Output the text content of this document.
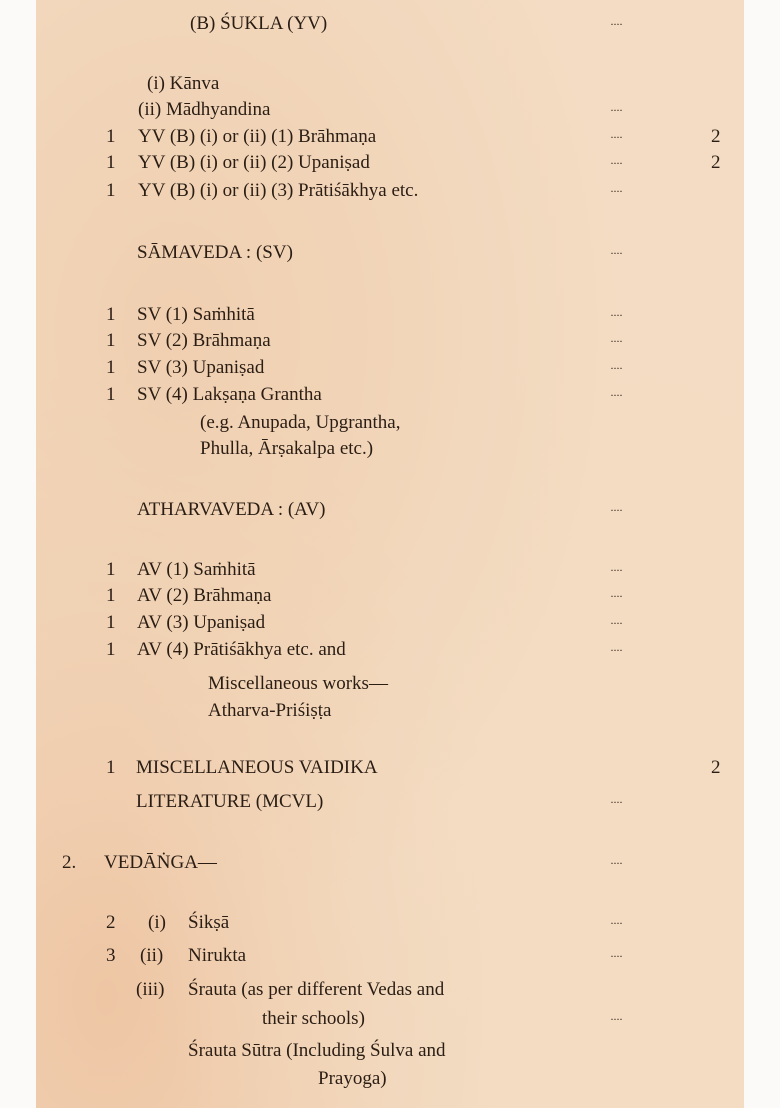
(B) ŚUKLA (YV)	····
(i) Kānva
(ii) Mādhyandina	····
1 YV (B) (i) or (ii) (1) Brāhmaṇa	····	2
1 YV (B) (i) or (ii) (2) Upaniṣad	····	2
1 YV (B) (i) or (ii) (3) Prātiśākhya etc.	····
SĀMAVEDA : (SV)	····
1 SV (1) Saṁhitā	····
1 SV (2) Brāhmaṇa	····
1 SV (3) Upaniṣad	····
1 SV (4) Lakṣaṇa Grantha	····
(e.g. Anupada, Upgrantha,
Phulla, Ārṣakalpa etc.)
ATHARVAVEDA : (AV)	····
1 AV (1) Saṁhitā	····
1 AV (2) Brāhmaṇa	····
1 AV (3) Upaniṣad	····
1 AV (4) Prātiśākhya etc. and	····
Miscellaneous works—
Atharva-Priśiṣṭa
1 MISCELLANEOUS VAIDIKA	2
LITERATURE (MCVL)	····
2. VEDĀṄGA—	····
2 (i) Śikṣā	····
3 (ii) Nirukta	····
(iii) Śrauta (as per different Vedas and
their schools)	····
Śrauta Sūtra (Including Śulva and
Prayoga)
